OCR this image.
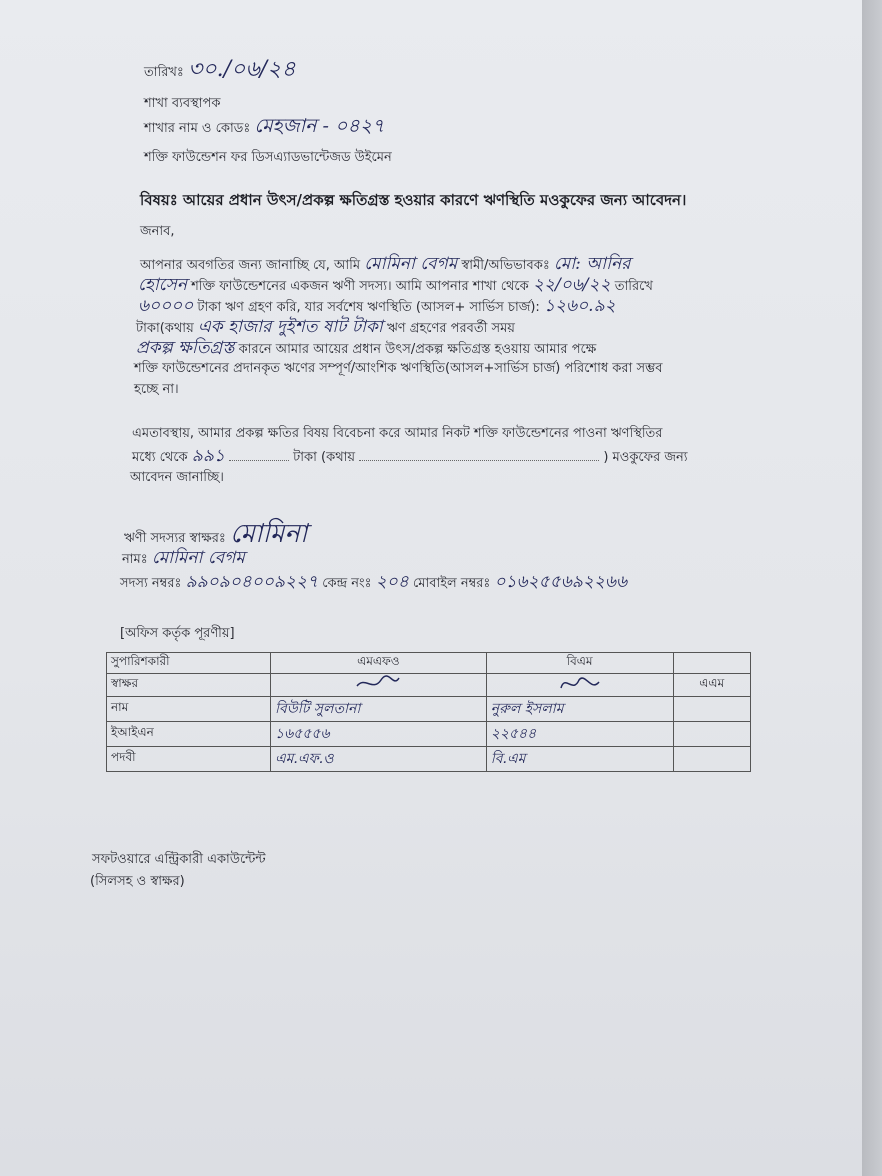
তারিখঃ ৩০./০৬/২৪
শাখা ব্যবস্থাপক
শাখার নাম ও কোডঃ মেহজান - ০৪২৭
শক্তি ফাউন্ডেশন ফর ডিসএ্যাডভান্টেজড উইমেন
বিষয়ঃ আয়ের প্রধান উৎস/প্রকল্প ক্ষতিগ্রস্ত হওয়ার কারণে ঋণস্থিতি মওকুফের জন্য আবেদন।
জনাব,
আপনার অবগতির জন্য জানাচ্ছি যে, আমি মোমিনা বেগম স্বামী/অভিভাবকঃ মো: আনির
হোসেন শক্তি ফাউন্ডেশনের একজন ঋণী সদস্য। আমি আপনার শাখা থেকে ২২/০৬/২২ তারিখে
৬০০০০ টাকা ঋণ গ্রহণ করি, যার সর্বশেষ ঋণস্থিতি (আসল+ সার্ভিস চার্জ): ১২৬০.৯২
টাকা(কথায় এক হাজার দুইশত ষাট টাকা ঋণ গ্রহণের পরবর্তী সময়
প্রকল্প ক্ষতিগ্রস্ত কারনে আমার আয়ের প্রধান উৎস/প্রকল্প ক্ষতিগ্রস্ত হওয়ায় আমার পক্ষে
শক্তি ফাউন্ডেশনের প্রদানকৃত ঋণের সম্পূর্ণ/আংশিক ঋণস্থিতি(আসল+সার্ভিস চার্জ) পরিশোধ করা সম্ভব
হচ্ছে না।
এমতাবস্থায়, আমার প্রকল্প ক্ষতির বিষয় বিবেচনা করে আমার নিকট শক্তি ফাউন্ডেশনের পাওনা ঋণস্থিতির
মধ্যে থেকে ৯৯১	টাকা (কথায়	) মওকুফের জন্য
আবেদন জানাচ্ছি।
ঋণী সদস্যর স্বাক্ষরঃ মোমিনা
নামঃ মোমিনা বেগম
সদস্য নম্বরঃ ৯৯০৯০৪০০৯২২৭ কেন্দ্র নংঃ ২০৪ মোবাইল নম্বরঃ ০১৬২৫৫৬৯২২৬৬
[অফিস কর্তৃক পূরণীয়]
সুপারিশকারী	এমএফও	বিএম	
স্বাক্ষর			এএম
নাম	বিউটি সুলতানা	নুরুল ইসলাম	
ইআইএন	১৬৫৫৫৬	২২৫৪৪	
পদবী	এম.এফ.ও	বি.এম	
সফটওয়ারে এন্ট্রিকারী একাউন্টেন্ট
(সিলসহ ও স্বাক্ষর)
